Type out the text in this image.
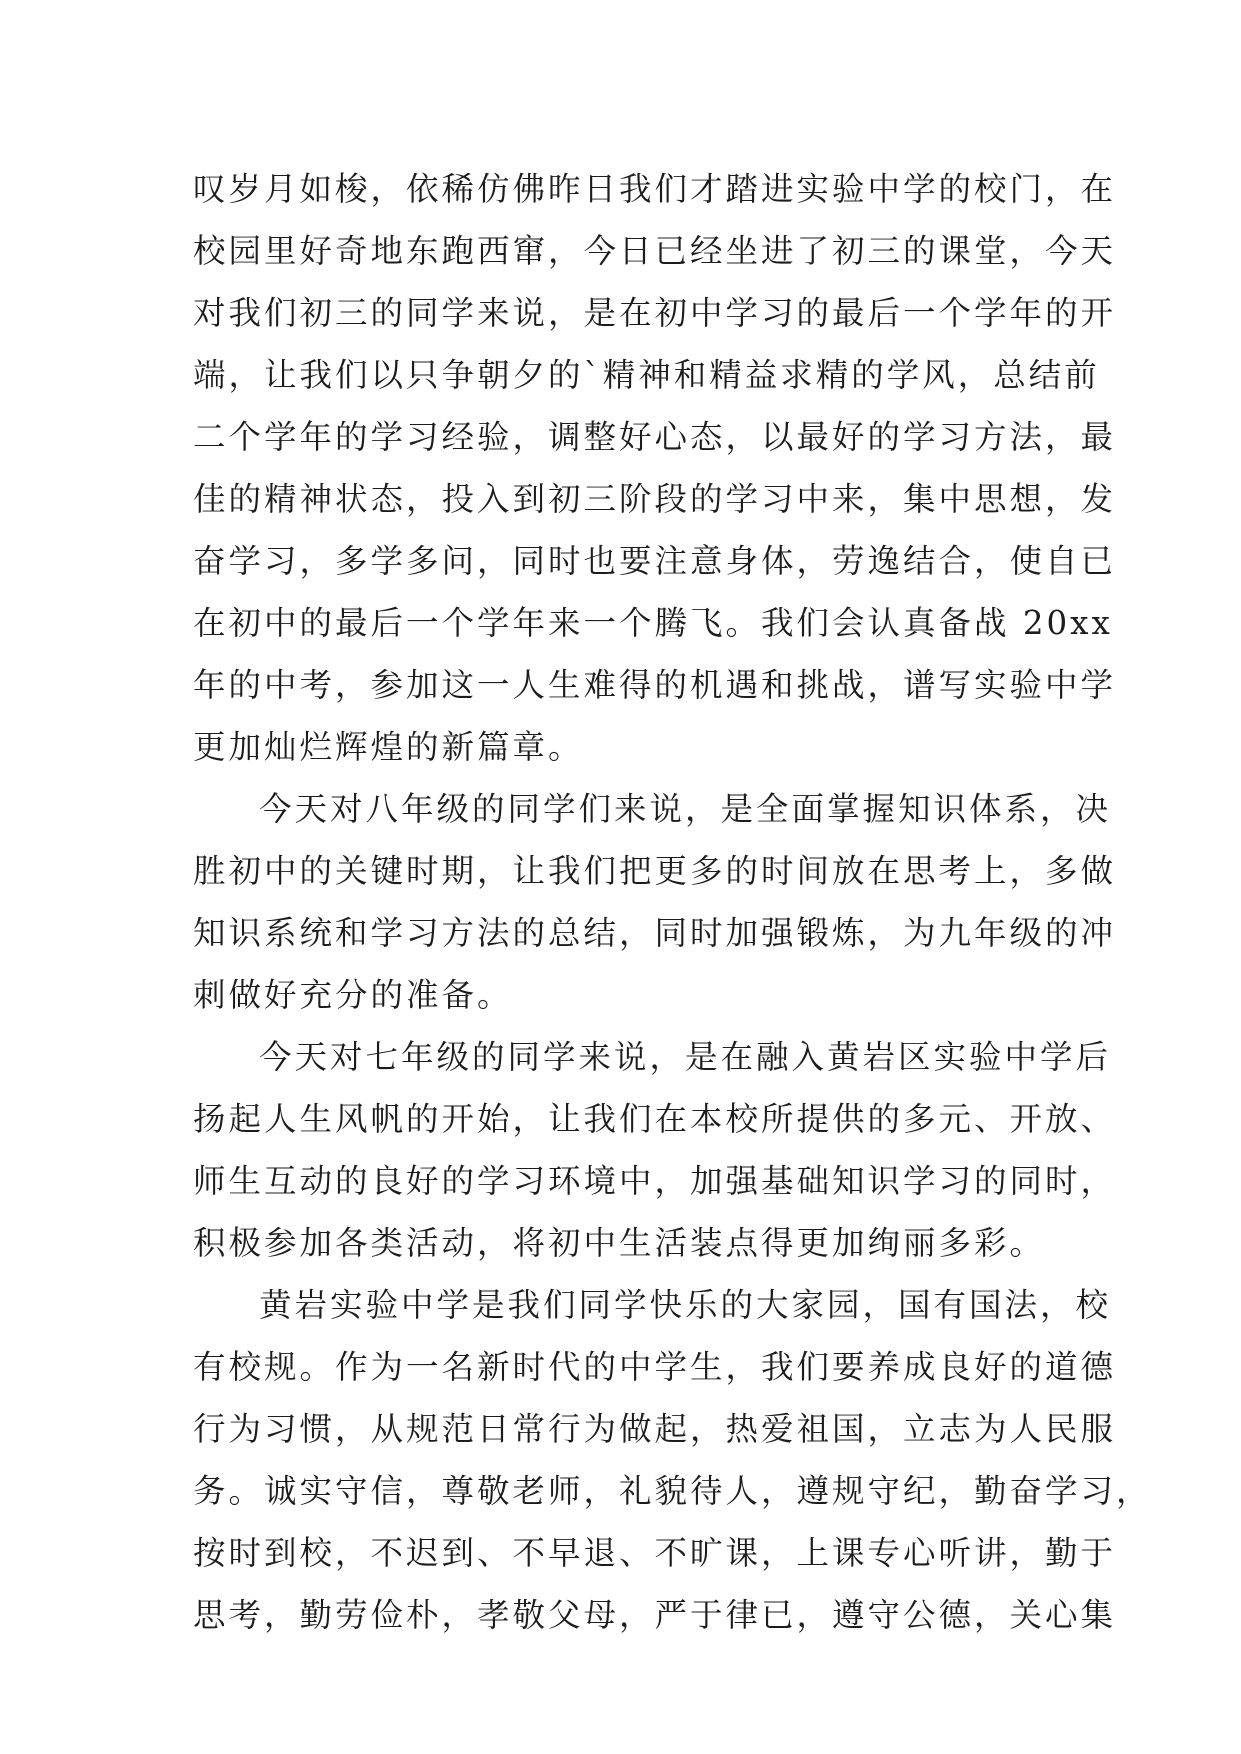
叹岁月如梭，依稀仿佛昨日我们才踏进实验中学的校门，在
校园里好奇地东跑西窜，今日已经坐进了初三的课堂，今天
对我们初三的同学来说，是在初中学习的最后一个学年的开
端，让我们以只争朝夕的`精神和精益求精的学风，总结前
二个学年的学习经验，调整好心态，以最好的学习方法，最
佳的精神状态，投入到初三阶段的学习中来，集中思想，发
奋学习，多学多问，同时也要注意身体，劳逸结合，使自已
在初中的最后一个学年来一个腾飞。我们会认真备战 20xx
年的中考，参加这一人生难得的机遇和挑战，谱写实验中学
更加灿烂辉煌的新篇章。
今天对八年级的同学们来说，是全面掌握知识体系，决
胜初中的关键时期，让我们把更多的时间放在思考上，多做
知识系统和学习方法的总结，同时加强锻炼，为九年级的冲
刺做好充分的准备。
今天对七年级的同学来说，是在融入黄岩区实验中学后
扬起人生风帆的开始，让我们在本校所提供的多元、开放、
师生互动的良好的学习环境中，加强基础知识学习的同时，
积极参加各类活动，将初中生活装点得更加绚丽多彩。
黄岩实验中学是我们同学快乐的大家园，国有国法，校
有校规。作为一名新时代的中学生，我们要养成良好的道德
行为习惯，从规范日常行为做起，热爱祖国，立志为人民服
务。诚实守信，尊敬老师，礼貌待人，遵规守纪，勤奋学习，
按时到校，不迟到、不早退、不旷课，上课专心听讲，勤于
思考，勤劳俭朴，孝敬父母，严于律已，遵守公德，关心集
